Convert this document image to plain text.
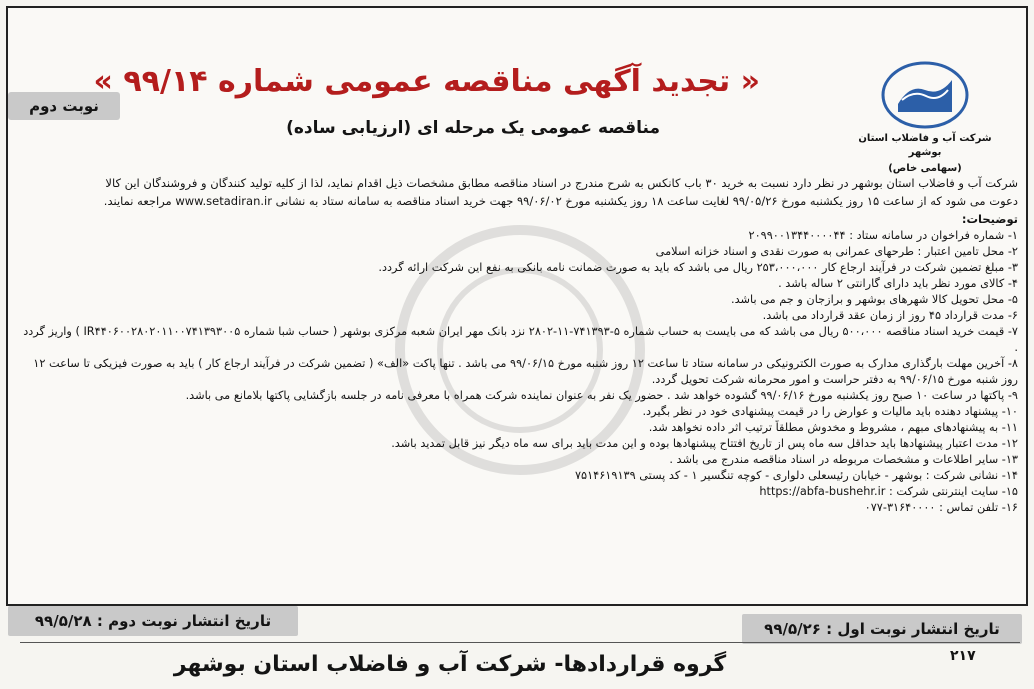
نوبت دوم
« تجدید آگهی مناقصه عمومی شماره ۹۹/۱۴ »
مناقصه عمومی یک مرحله ای (ارزیابی ساده)
شرکت آب و فاضلاب استان بوشهر
(سهامی خاص)

شرکت آب و فاضلاب استان بوشهر در نظر دارد نسبت به خرید ۳۰ باب کانکس به شرح مندرج در اسناد مناقصه مطابق مشخصات ذیل اقدام نماید، لذا از کلیه تولید کنندگان و فروشندگان این کالا

دعوت می شود که از ساعت ۱۵ روز یکشنبه مورخ ۹۹/۰۵/۲۶ لغایت ساعت ۱۸ روز یکشنبه مورخ ۹۹/۰۶/۰۲ جهت خرید اسناد مناقصه به سامانه ستاد به نشانی www.setadiran.ir مراجعه نمایند.

توضیحات:

۱- شماره فراخوان در سامانه ستاد : ۲۰۹۹۰۰۱۳۴۴۰۰۰۰۴۴
۲- محل تامین اعتبار : طرحهای عمرانی به صورت نقدی و اسناد خزانه اسلامی
۳- مبلغ تضمین شرکت در فرآیند ارجاع کار ۲۵۳،۰۰۰،۰۰۰ ریال می باشد که باید به صورت ضمانت نامه بانکی به نفع این شرکت ارائه گردد.
۴- کالای مورد نظر باید دارای گارانتی ۲ ساله باشد .
۵- محل تحویل کالا شهرهای بوشهر و برازجان و جم می باشد.
۶- مدت قرارداد ۴۵ روز از زمان عقد قرارداد می باشد.
۷- قیمت خرید اسناد مناقصه ۵۰۰،۰۰۰ ریال می باشد که می بایست به حساب شماره ۵-۷۴۱۳۹۳-۱۱-۲۸۰۲ نزد بانک مهر ایران شعبه مرکزی بوشهر ( حساب شبا شماره IR۴۴۰۶۰۰۲۸۰۲۰۱۱۰۰۷۴۱۳۹۳۰۰۵ ) واریز گردد .
۸- آخرین مهلت بارگذاری مدارک به صورت الکترونیکی در سامانه ستاد تا ساعت ۱۲ روز شنبه مورخ ۹۹/۰۶/۱۵ می باشد . تنها پاکت «الف» ( تضمین شرکت در فرآیند ارجاع کار ) باید به صورت فیزیکی تا ساعت ۱۲ روز شنبه مورخ ۹۹/۰۶/۱۵ به دفتر حراست و امور محرمانه شرکت تحویل گردد.
۹- پاکتها در ساعت ۱۰ صبح روز یکشنبه مورخ ۹۹/۰۶/۱۶ گشوده خواهد شد . حضور یک نفر به عنوان نماینده شرکت همراه با معرفی نامه در جلسه بازگشایی پاکتها بلامانع می باشد.
۱۰- پیشنهاد دهنده باید مالیات و عوارض را در قیمت پیشنهادی خود در نظر بگیرد.
۱۱- به پیشنهادهای مبهم ، مشروط و مخدوش مطلقاً ترتیب اثر داده نخواهد شد.
۱۲- مدت اعتبار پیشنهادها باید حداقل سه ماه پس از تاریخ افتتاح پیشنهادها بوده و این مدت باید برای سه ماه دیگر نیز قابل تمدید باشد.
۱۳- سایر اطلاعات و مشخصات مربوطه در اسناد مناقصه مندرج می باشد .
۱۴- نشانی شرکت : بوشهر - خیابان رئیسعلی دلواری - کوچه تنگسیر ۱ - کد پستی ۷۵۱۴۶۱۹۱۳۹
۱۵- سایت اینترنتی شرکت : https://abfa-bushehr.ir
۱۶- تلفن تماس : ۳۱۶۴۰۰۰۰-۰۷۷
تاریخ انتشار نوبت اول : ۹۹/۵/۲۶
تاریخ انتشار نوبت دوم : ۹۹/۵/۲۸
۲۱۷
گروه قراردادها- شرکت آب و فاضلاب استان بوشهر
